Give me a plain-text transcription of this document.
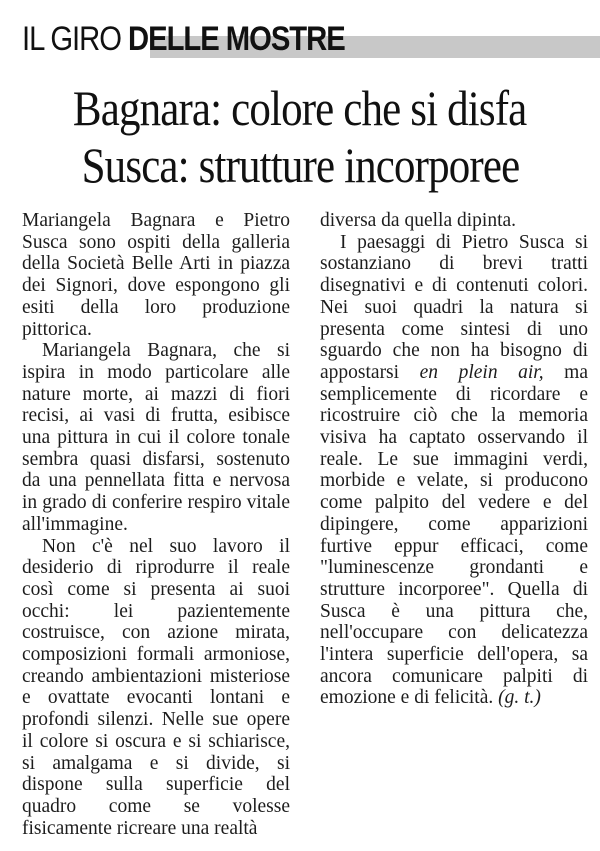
IL GIRO DELLE MOSTRE
Bagnara: colore che si disfa
Susca: strutture incorporee

Mariangela Bagnara e Pietro Susca sono ospiti della galleria della Società Belle Arti in piazza dei Signori, dove espongono gli esiti della loro produzione pittorica.

Mariangela Bagnara, che si ispira in modo particolare alle nature morte, ai mazzi di fiori recisi, ai vasi di frutta, esibisce una pittura in cui il colore tonale sembra quasi disfarsi, sostenuto da una pennellata fitta e nervosa in grado di conferire respiro vitale all'immagine.

Non c'è nel suo lavoro il desiderio di riprodurre il reale così come si presenta ai suoi occhi: lei pazientemente costruisce, con azione mirata, composizioni formali armoniose, creando ambientazioni misteriose e ovattate evocanti lontani e profondi silenzi. Nelle sue opere il colore si oscura e si schiarisce, si amalgama e si divide, si dispone sulla superficie del quadro come se volesse fisicamente ricreare una realtà

diversa da quella dipinta.

I paesaggi di Pietro Susca si sostanziano di brevi tratti disegnativi e di contenuti colori. Nei suoi quadri la natura si presenta come sintesi di uno sguardo che non ha bisogno di appostarsi en plein air, ma semplicemente di ricordare e ricostruire ciò che la memoria visiva ha captato osservando il reale. Le sue immagini verdi, morbide e velate, si producono come palpito del vedere e del dipingere, come apparizioni furtive eppur efficaci, come "luminescenze grondanti e strutture incorporee". Quella di Susca è una pittura che, nell'occupare con delicatezza l'intera superficie dell'opera, sa ancora comunicare palpiti di emozione e di felicità. (g. t.)
